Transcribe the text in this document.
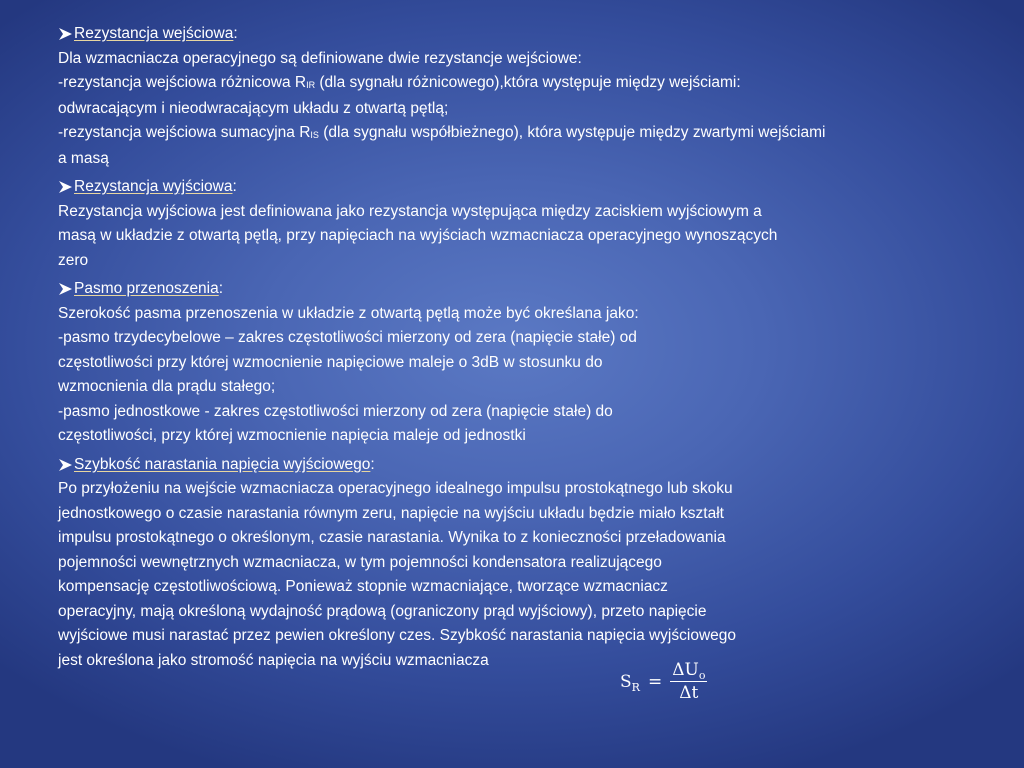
Rezystancja wejściowa :
Dla wzmacniacza operacyjnego są definiowane dwie rezystancje wejściowe:
-rezystancja wejściowa różnicowa RIR (dla sygnału różnicowego),która występuje między wejściami:
odwracającym i nieodwracającym układu z otwartą pętlą;
-rezystancja wejściowa sumacyjna RIS (dla sygnału współbieżnego), która występuje między zwartymi wejściami
a masą
Rezystancja wyjściowa :
Rezystancja wyjściowa jest definiowana jako rezystancja występująca między zaciskiem wyjściowym a
masą w układzie z otwartą pętlą, przy napięciach na wyjściach wzmacniacza operacyjnego wynoszących
zero
Pasmo przenoszenia :
Szerokość pasma przenoszenia w układzie z otwartą pętlą może być określana jako:
-pasmo trzydecybelowe – zakres częstotliwości mierzony od zera (napięcie stałe) od
częstotliwości przy której wzmocnienie napięciowe maleje o 3dB w stosunku do
wzmocnienia dla prądu stałego;
-pasmo jednostkowe - zakres częstotliwości mierzony od zera (napięcie stałe) do
częstotliwości, przy której wzmocnienie napięcia maleje od jednostki
Szybkość narastania napięcia wyjściowego :
Po przyłożeniu na wejście wzmacniacza operacyjnego idealnego impulsu prostokątnego lub skoku
jednostkowego o czasie narastania równym zeru, napięcie na wyjściu układu będzie miało kształt
impulsu prostokątnego o określonym, czasie narastania. Wynika to z konieczności przeładowania
pojemności wewnętrznych wzmacniacza, w tym pojemności kondensatora realizującego
kompensację częstotliwościową. Ponieważ stopnie wzmacniające, tworzące wzmacniacz
operacyjny, mają określoną wydajność prądową (ograniczony prąd wyjściowy), przeto napięcie
wyjściowe musi narastać przez pewien określony czes. Szybkość narastania napięcia wyjściowego
jest określona jako stromość napięcia na wyjściu wzmacniacza
$S_R = \frac{\Delta U_o}{\Delta t}$
